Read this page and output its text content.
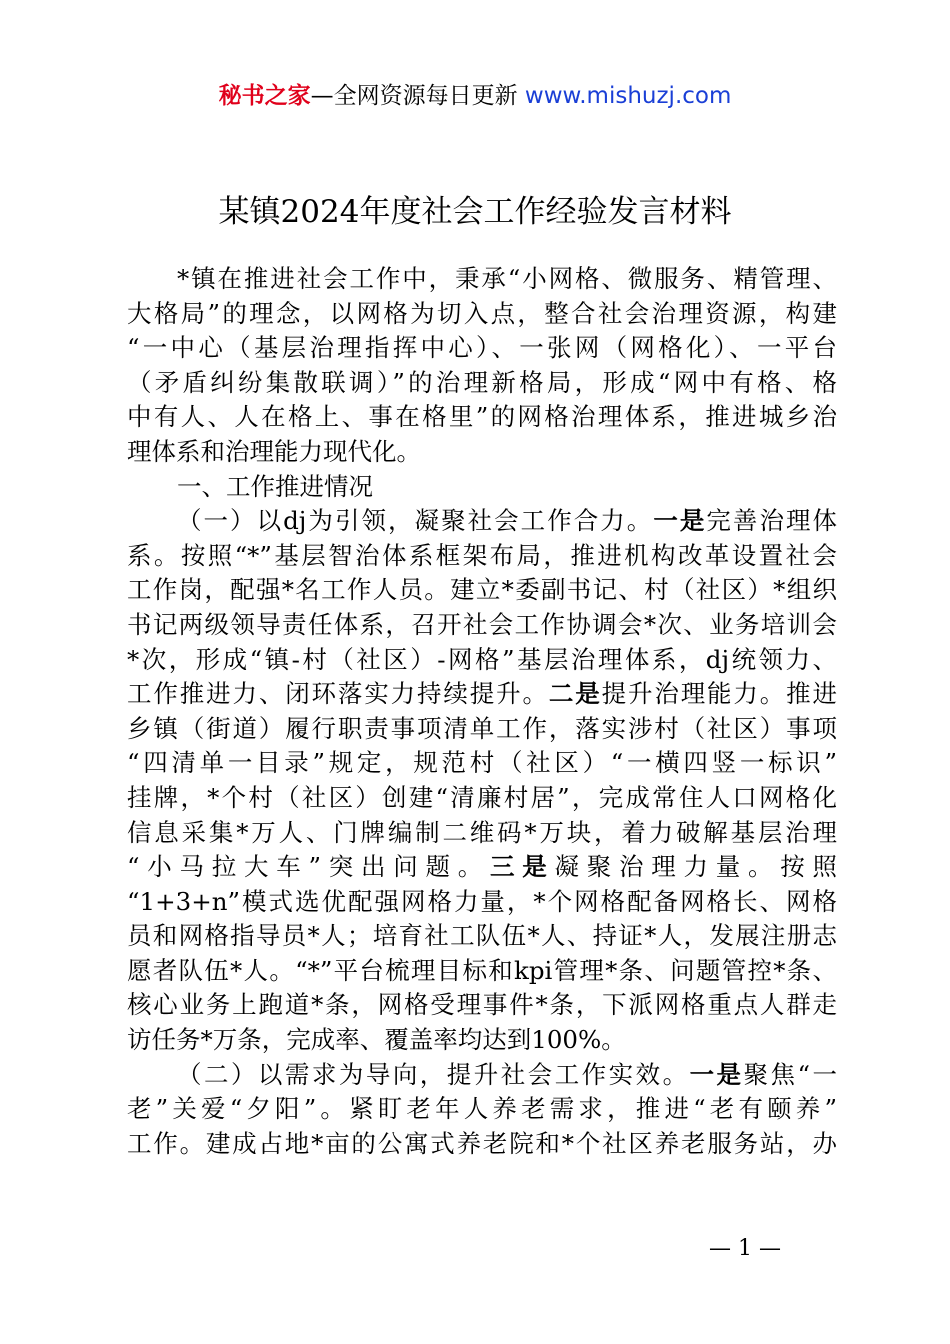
秘书之家—全网资源每日更新 www.mishuzj.com
某镇2024年度社会工作经验发言材料
*镇在推进社会工作中，秉承“小网格、微服务、精管理、
大格局”的理念，以网格为切入点，整合社会治理资源，构建
“一中心（基层治理指挥中心）、一张网（网格化）、一平台
（矛盾纠纷集散联调）”的治理新格局，形成“网中有格、格
中有人、人在格上、事在格里”的网格治理体系，推进城乡治
理体系和治理能力现代化。
一、工作推进情况
（一）以dj为引领，凝聚社会工作合力。一是完善治理体
系。按照“*”基层智治体系框架布局，推进机构改革设置社会
工作岗，配强*名工作人员。建立*委副书记、村（社区）*组织
书记两级领导责任体系，召开社会工作协调会*次、业务培训会
*次，形成“镇-村（社区）-网格”基层治理体系，dj统领力、
工作推进力、闭环落实力持续提升。二是提升治理能力。推进
乡镇（街道）履行职责事项清单工作，落实涉村（社区）事项
“四清单一目录”规定，规范村（社区）“一横四竖一标识”
挂牌，*个村（社区）创建“清廉村居”，完成常住人口网格化
信息采集*万人、门牌编制二维码*万块，着力破解基层治理
“小马拉大车”突出问题。三是凝聚治理力量。按照
“1+3+n”模式选优配强网格力量，*个网格配备网格长、网格
员和网格指导员*人；培育社工队伍*人、持证*人，发展注册志
愿者队伍*人。“*”平台梳理目标和kpi管理*条、问题管控*条、
核心业务上跑道*条，网格受理事件*条，下派网格重点人群走
访任务*万条，完成率、覆盖率均达到100%。
（二）以需求为导向，提升社会工作实效。一是聚焦“一
老”关爱“夕阳”。紧盯老年人养老需求，推进“老有颐养”
工作。建成占地*亩的公寓式养老院和*个社区养老服务站，办
— 1 —
